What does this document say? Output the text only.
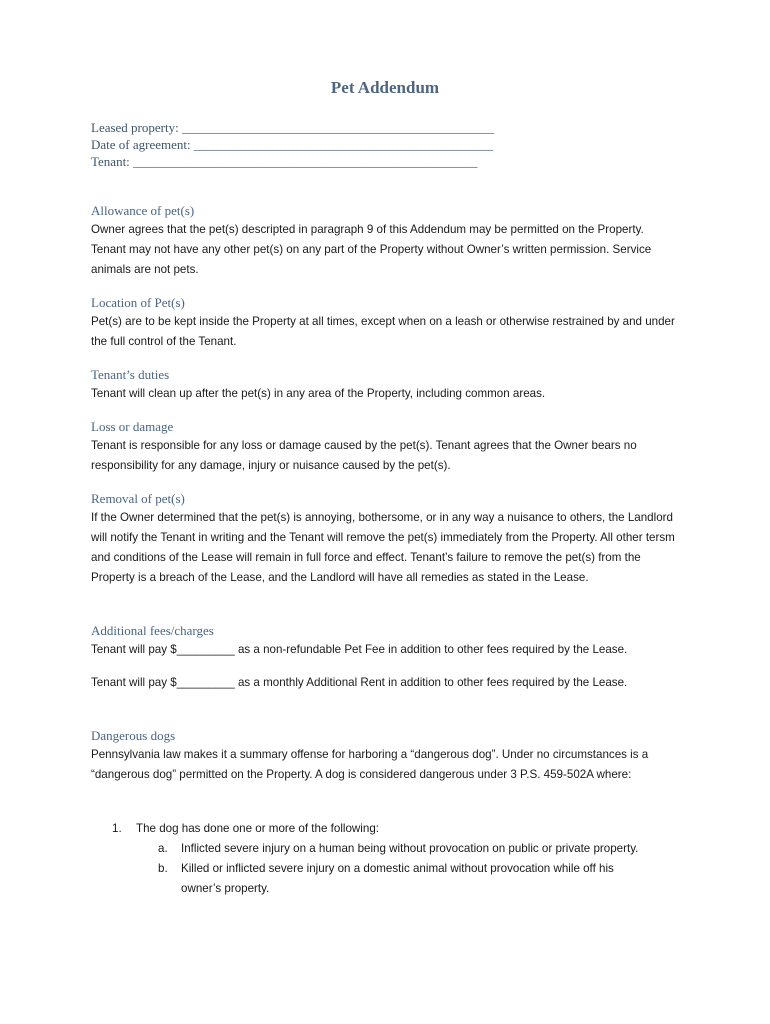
Pet Addendum
Leased property: ________________________________________________
Date of agreement: ______________________________________________
Tenant: _____________________________________________________

Allowance of pet(s)

Owner agrees that the pet(s) descripted in paragraph 9 of this Addendum may be permitted on the Property. Tenant may not have any other pet(s) on any part of the Property without Owner’s written permission. Service animals are not pets.

Location of Pet(s)

Pet(s) are to be kept inside the Property at all times, except when on a leash or otherwise restrained by and under the full control of the Tenant.

Tenant’s duties

Tenant will clean up after the pet(s) in any area of the Property, including common areas.

Loss or damage

Tenant is responsible for any loss or damage caused by the pet(s). Tenant agrees that the Owner bears no responsibility for any damage, injury or nuisance caused by the pet(s).

Removal of pet(s)

If the Owner determined that the pet(s) is annoying, bothersome, or in any way a nuisance to others, the Landlord will notify the Tenant in writing and the Tenant will remove the pet(s) immediately from the Property. All other tersm and conditions of the Lease will remain in full force and effect. Tenant’s failure to remove the pet(s) from the Property is a breach of the Lease, and the Landlord will have all remedies as stated in the Lease.

Additional fees/charges

Tenant will pay $_________ as a non-refundable Pet Fee in addition to other fees required by the Lease.

Tenant will pay $_________ as a monthly Additional Rent in addition to other fees required by the Lease.

Dangerous dogs

Pennsylvania law makes it a summary offense for harboring a “dangerous dog”. Under no circumstances is a “dangerous dog” permitted on the Property. A dog is considered dangerous under 3 P.S. 459-502A where:

1. The dog has done one or more of the following:
a. Inflicted severe injury on a human being without provocation on public or private property.
b. Killed or inflicted severe injury on a domestic animal without provocation while off his owner’s property.
